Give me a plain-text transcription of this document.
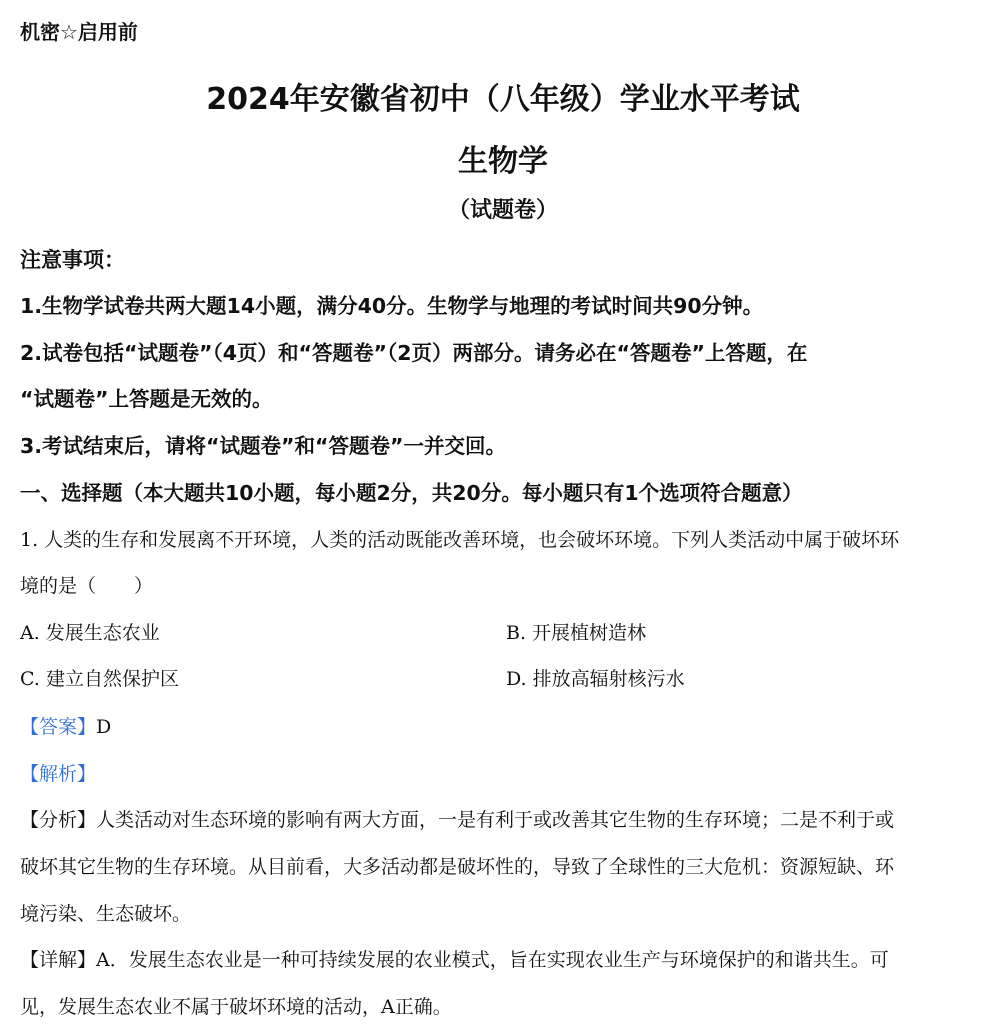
机密☆启用前
2024年安徽省初中（八年级）学业水平考试
生物学
（试题卷）
注意事项：
1.生物学试卷共两大题14小题，满分40分。生物学与地理的考试时间共90分钟。
2.试卷包括“试题卷”（4页）和“答题卷”（2页）两部分。请务必在“答题卷”上答题，在
“试题卷”上答题是无效的。
3.考试结束后，请将“试题卷”和“答题卷”一并交回。
一、选择题（本大题共10小题，每小题2分，共20分。每小题只有1个选项符合题意）
1. 人类的生存和发展离不开环境，人类的活动既能改善环境，也会破坏环境。下列人类活动中属于破坏环
境的是（　　）
A. 发展生态农业	B. 开展植树造林
C. 建立自然保护区	D. 排放高辐射核污水
【答案】D
【解析】
【分析】人类活动对生态环境的影响有两大方面，一是有利于或改善其它生物的生存环境；二是不利于或
破坏其它生物的生存环境。从目前看，大多活动都是破坏性的，导致了全球性的三大危机：资源短缺、环
境污染、生态破坏。
【详解】A．发展生态农业是一种可持续发展的农业模式，旨在实现农业生产与环境保护的和谐共生。可
见，发展生态农业不属于破坏环境的活动，A正确。
